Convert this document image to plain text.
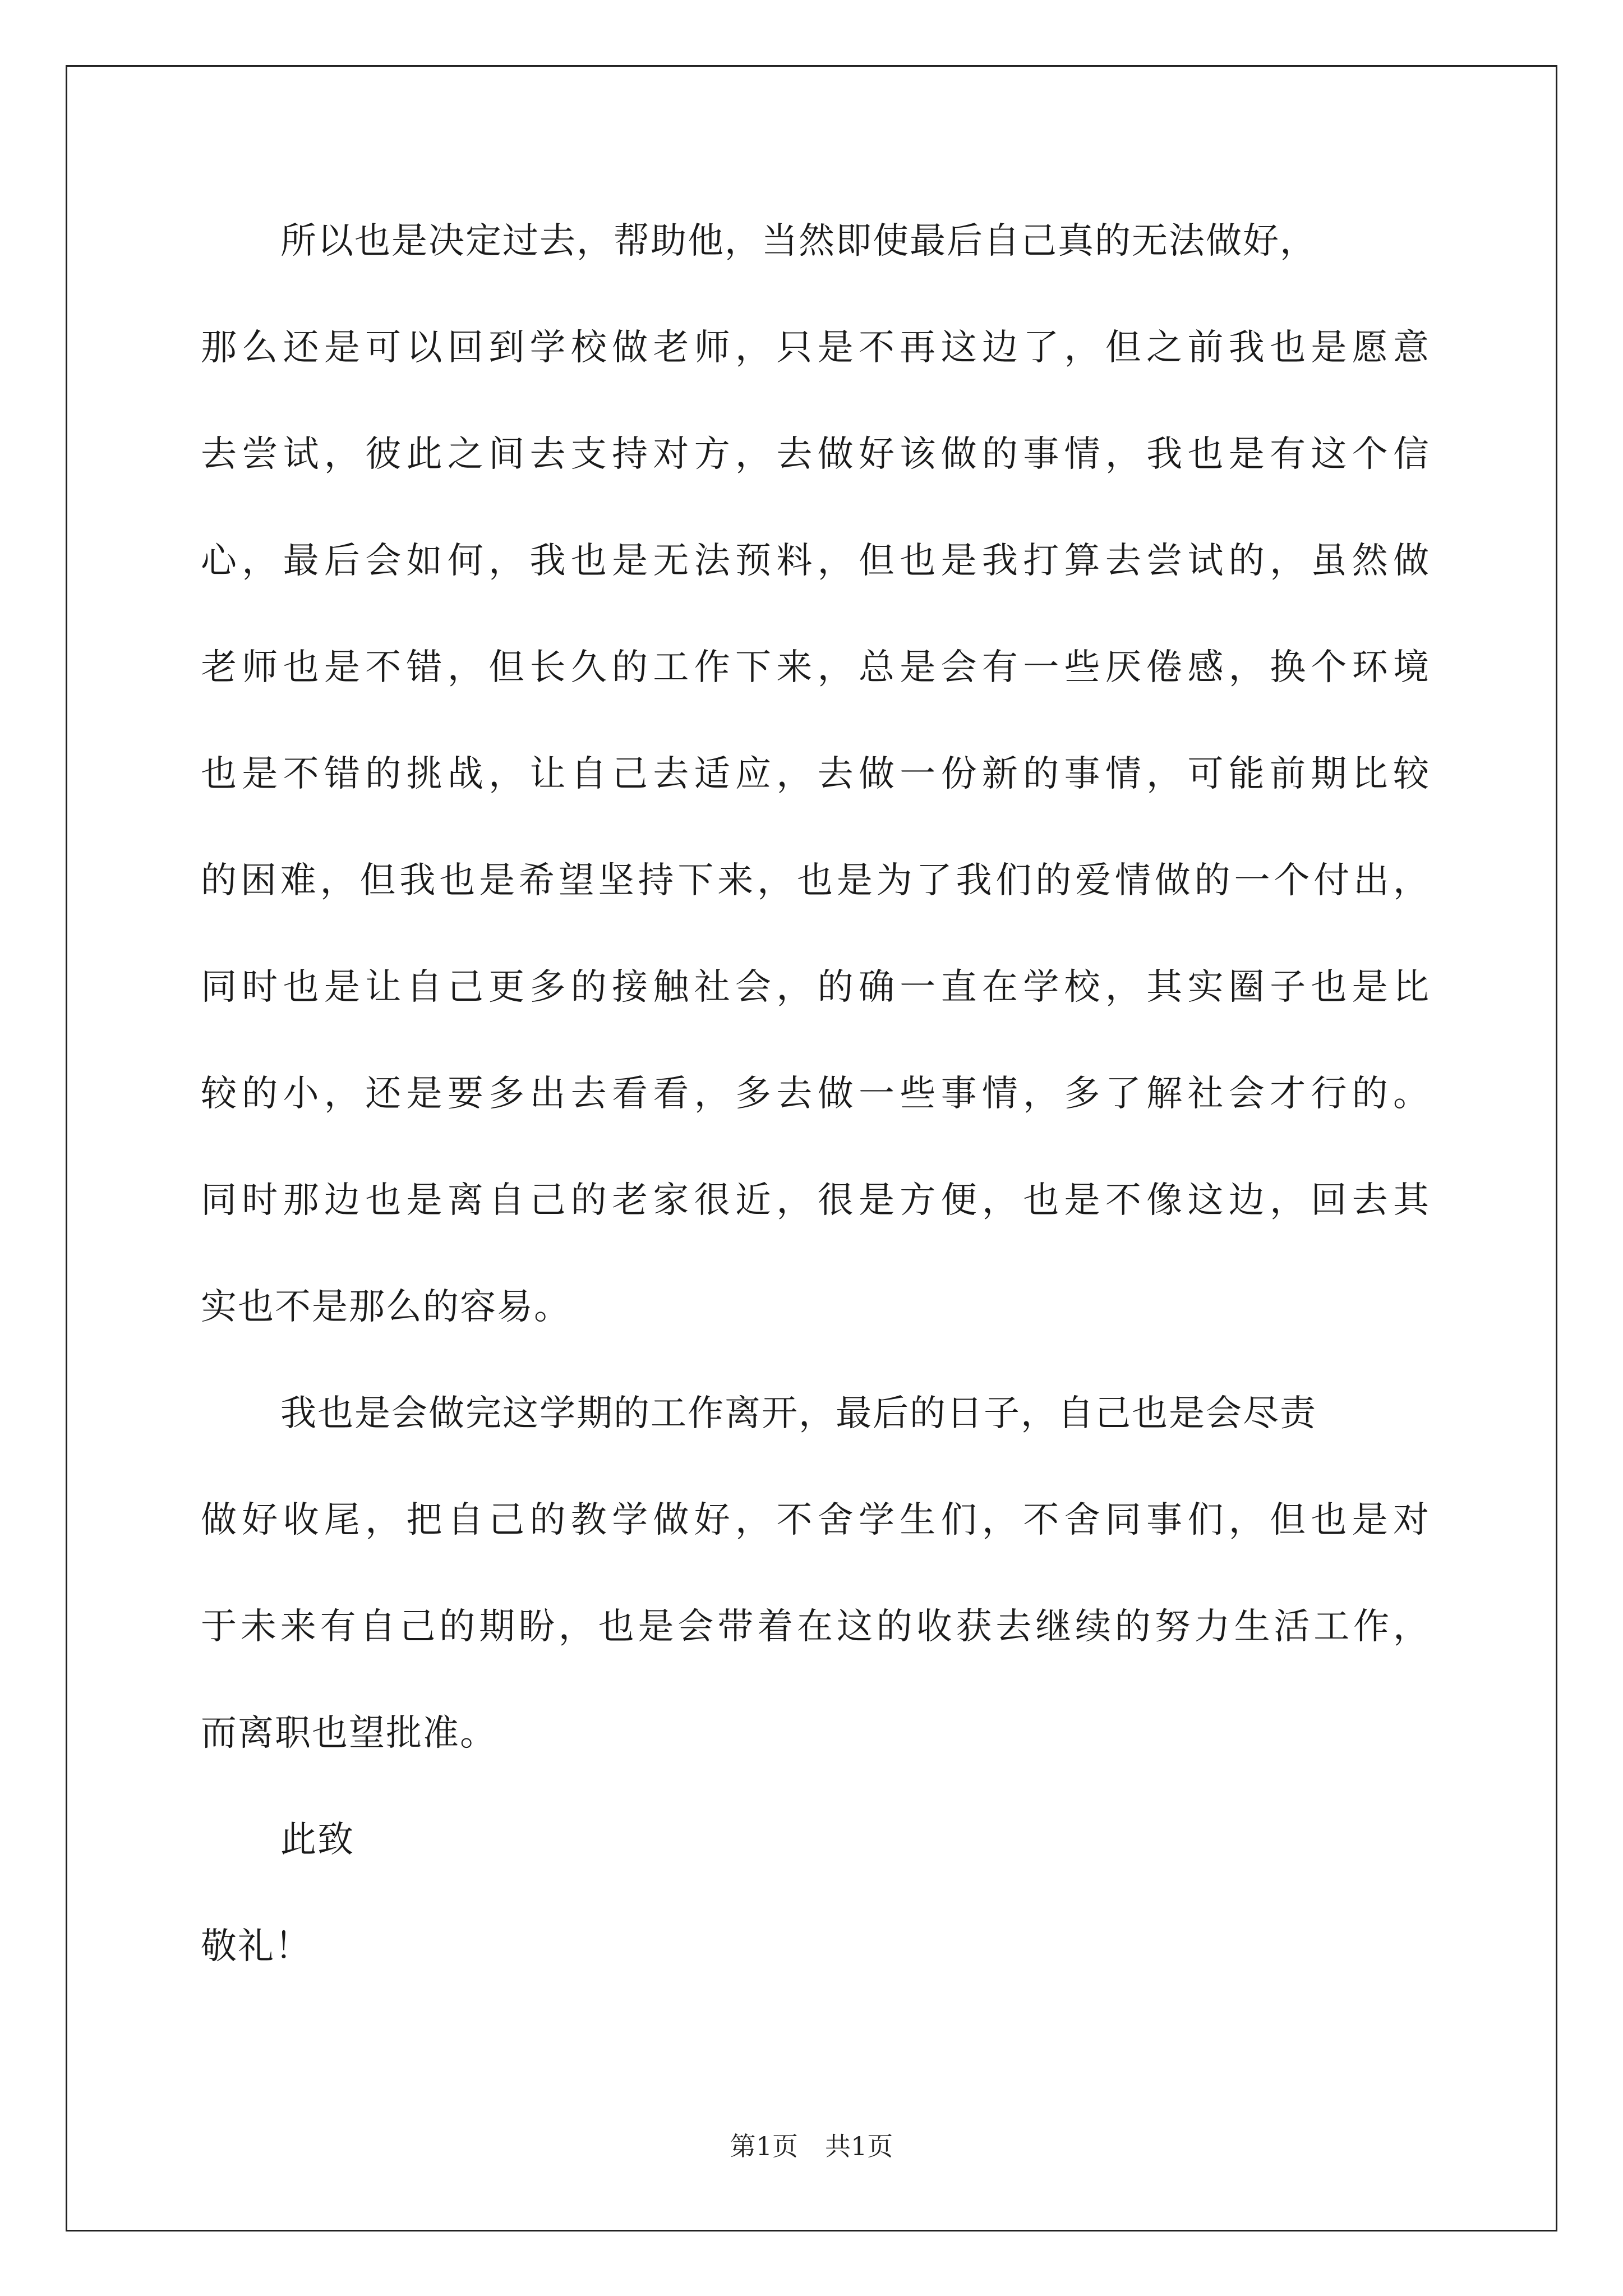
所以也是决定过去，帮助他，当然即使最后自己真的无法做好，
那么还是可以回到学校做老师，只是不再这边了，但之前我也是愿意
去尝试，彼此之间去支持对方，去做好该做的事情，我也是有这个信
心，最后会如何，我也是无法预料，但也是我打算去尝试的，虽然做
老师也是不错，但长久的工作下来，总是会有一些厌倦感，换个环境
也是不错的挑战，让自己去适应，去做一份新的事情，可能前期比较
的困难，但我也是希望坚持下来，也是为了我们的爱情做的一个付出，
同时也是让自己更多的接触社会，的确一直在学校，其实圈子也是比
较的小，还是要多出去看看，多去做一些事情，多了解社会才行的。
同时那边也是离自己的老家很近，很是方便，也是不像这边，回去其
实也不是那么的容易。
我也是会做完这学期的工作离开，最后的日子，自己也是会尽责
做好收尾，把自己的教学做好，不舍学生们，不舍同事们，但也是对
于未来有自己的期盼，也是会带着在这的收获去继续的努力生活工作，
而离职也望批准。
此致
敬礼！
第1页 共1页
